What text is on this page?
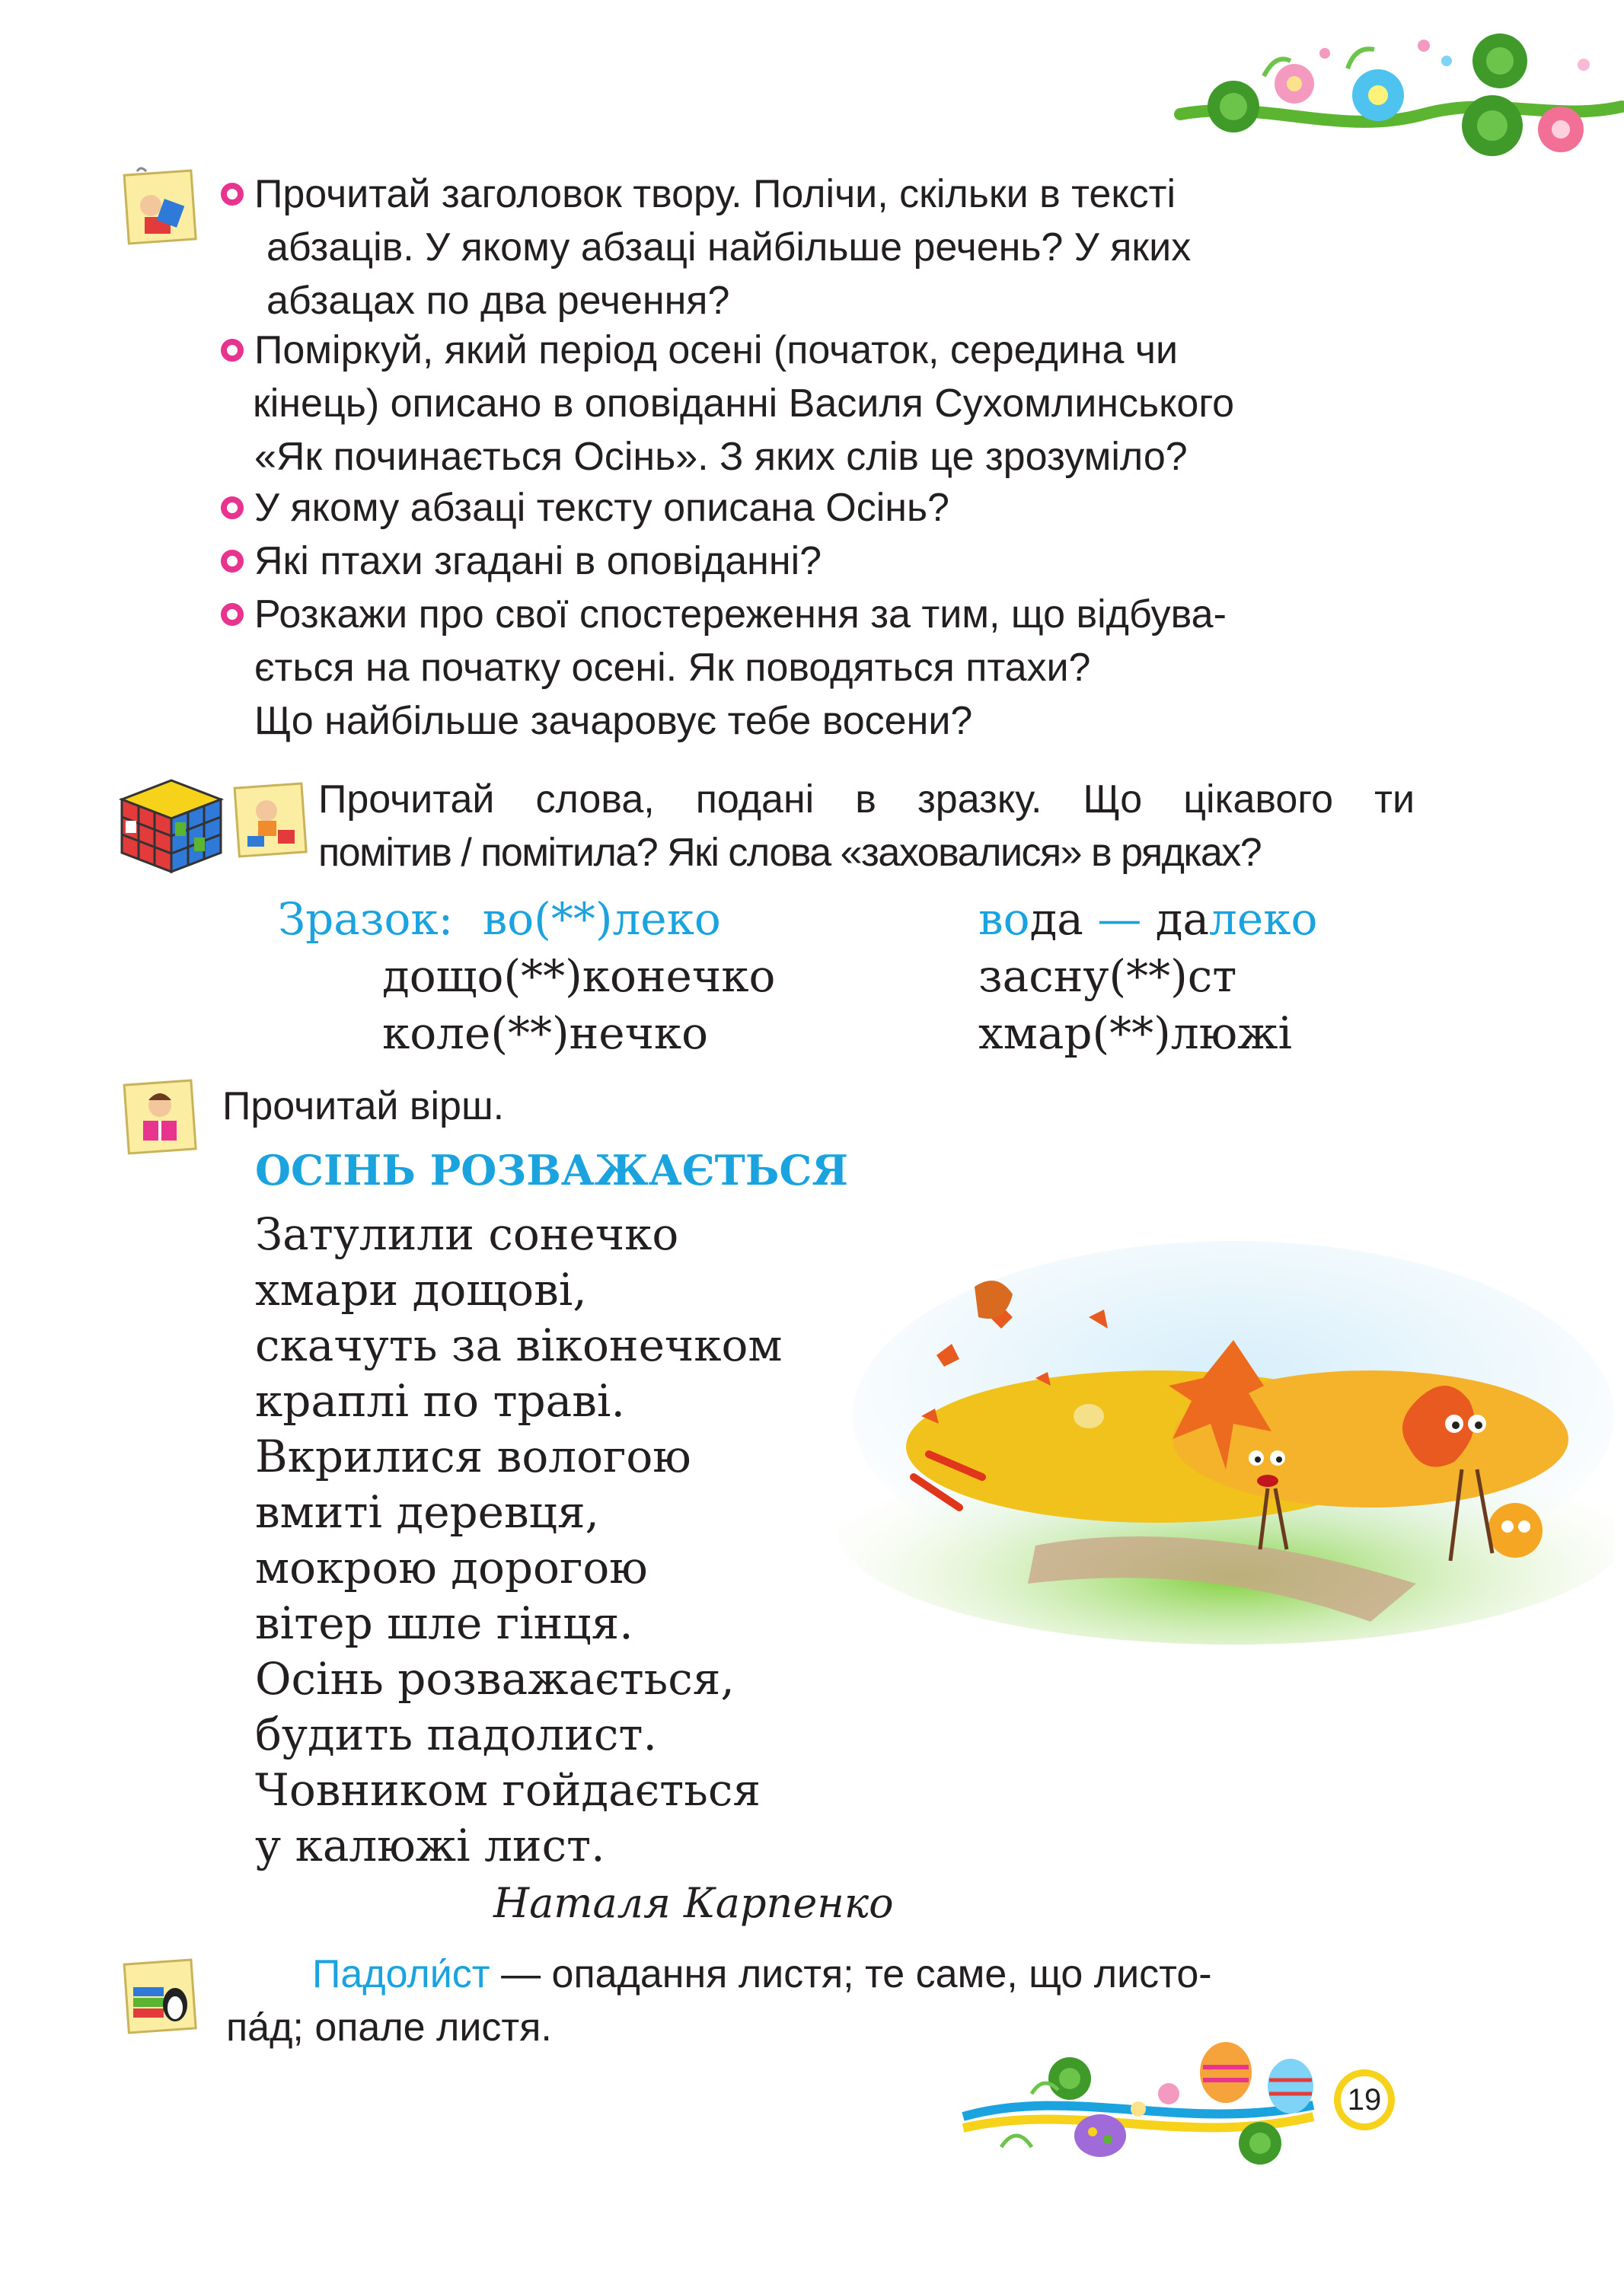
Прочитай заголовок твору. Полічи, скільки в тексті
абзаців. У якому абзаці найбільше речень? У яких
абзацах по два речення?
Поміркуй, який період осені (початок, середина чи
кінець) описано в оповіданні Василя Сухомлинського
«Як починається Осінь». З яких слів це зрозуміло?
У якому абзаці тексту описана Осінь?
Які птахи згадані в оповіданні?
Розкажи про свої спостереження за тим, що відбува-
ється на початку осені. Як поводяться птахи?
Що найбільше зачаровує тебе восени?
Прочитай слова, подані в зразку. Що цікавого ти
помітив / помітила? Які слова «заховалися» в рядках?
Зразок: во(**)леко	вода — далеко
дощо(**)конечко
коле(**)нечко
засну(**)ст
хмар(**)люжі
Прочитай вірш.
ОСІНЬ РОЗВАЖАЄТЬСЯ
Затулили сонечко
хмари дощові,
скачуть за віконечком
краплі по траві.
Вкрилися вологою
вмиті деревця,
мокрою дорогою
вітер шле гінця.
Осінь розважається,
будить падолист.
Човником гойдається
у калюжі лист.
Наталя Карпенко
Падоли́ст — опадання листя; те саме, що листо-
па́д; опале листя.
19
